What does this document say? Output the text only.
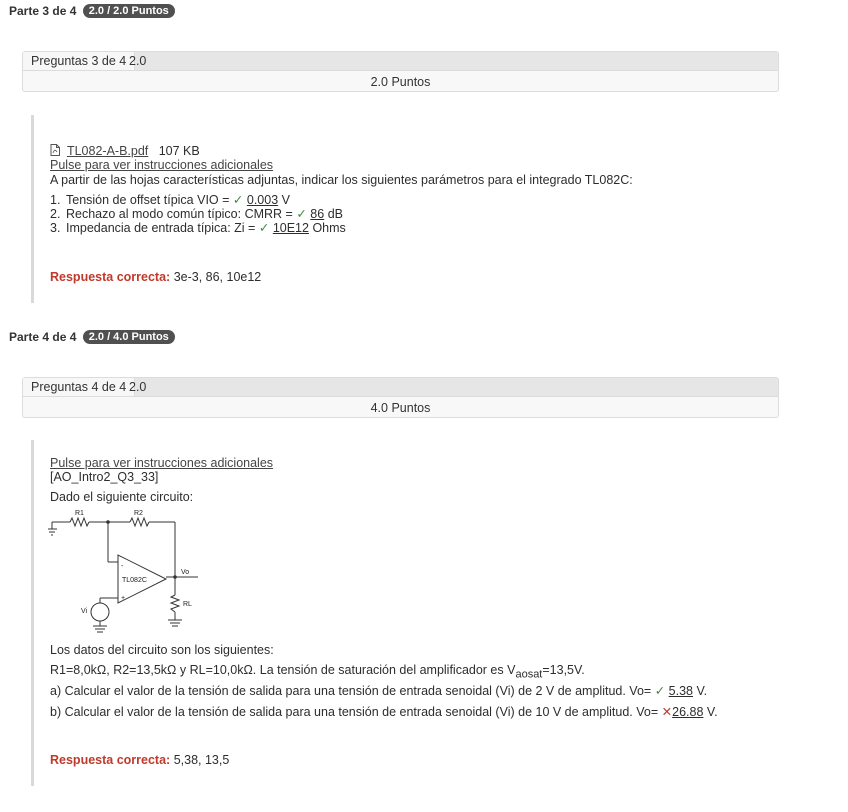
Parte 3 de 4 2.0 / 2.0 Puntos
Preguntas 3 de 4 2.0
2.0 Puntos
TL082-A-B.pdf 107 KB
Pulse para ver instrucciones adicionales
A partir de las hojas características adjuntas, indicar los siguientes parámetros para el integrado TL082C:
1. Tensión de offset típica VIO = ✓ 0.003 V
2. Rechazo al modo común típico: CMRR = ✓ 86 dB
3. Impedancia de entrada típica: Zi = ✓ 10E12 Ohms
Respuesta correcta: 3e-3, 86, 10e12
Parte 4 de 4 2.0 / 4.0 Puntos
Preguntas 4 de 4 2.0
4.0 Puntos
Pulse para ver instrucciones adicionales
[AO_Intro2_Q3_33]
Dado el siguiente circuito:
R1	R2
TL082C
Vo
RL
Vi
-
+
Los datos del circuito son los siguientes:
R1=8,0kΩ, R2=13,5kΩ y RL=10,0kΩ. La tensión de saturación del amplificador es $V_{aosat}=13,5V$.
a) Calcular el valor de la tensión de salida para una tensión de entrada senoidal (Vi) de 2 V de amplitud. Vo= ✓ 5.38 V.
b) Calcular el valor de la tensión de salida para una tensión de entrada senoidal (Vi) de 10 V de amplitud. Vo= ✕26.88 V.
Respuesta correcta: 5,38, 13,5
